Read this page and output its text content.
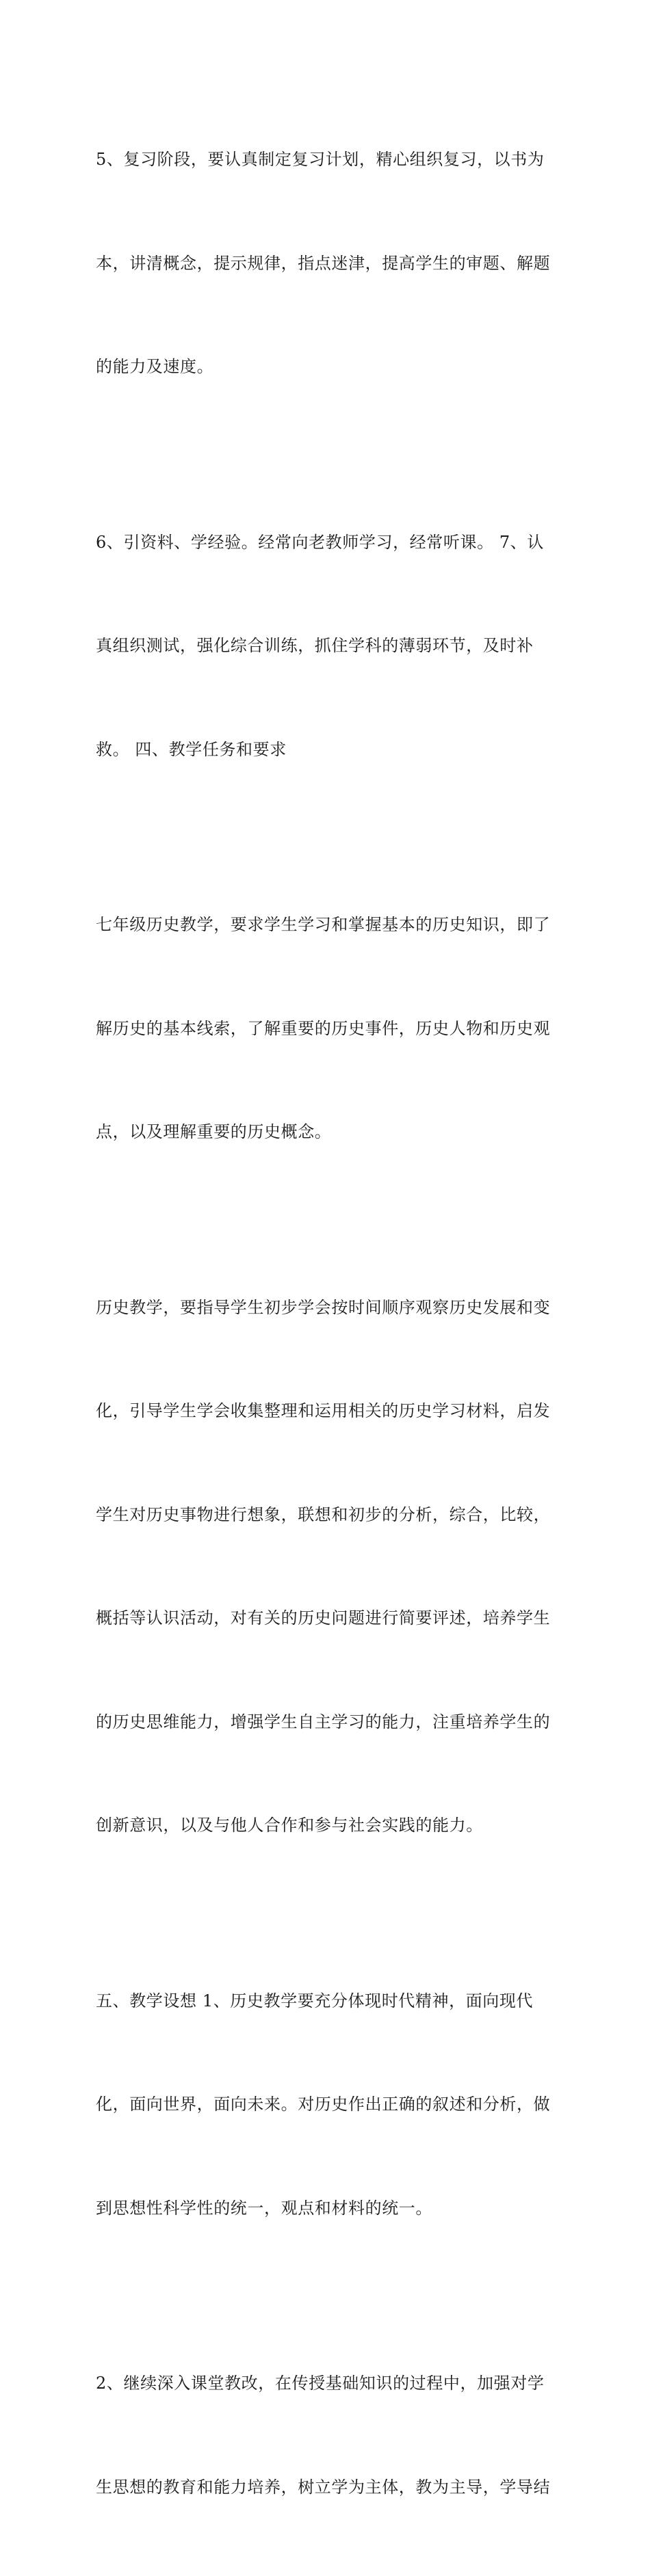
5、复习阶段，要认真制定复习计划，精心组织复习，以书为

本，讲清概念，提示规律，指点迷津，提高学生的审题、解题

的能力及速度。

6、引资料、学经验。经常向老教师学习，经常听课。 7、认

真组织测试，强化综合训练，抓住学科的薄弱环节，及时补

救。 四、教学任务和要求

七年级历史教学，要求学生学习和掌握基本的历史知识，即了

解历史的基本线索，了解重要的历史事件，历史人物和历史观

点，以及理解重要的历史概念。

历史教学，要指导学生初步学会按时间顺序观察历史发展和变

化，引导学生学会收集整理和运用相关的历史学习材料，启发

学生对历史事物进行想象，联想和初步的分析，综合，比较，

概括等认识活动，对有关的历史问题进行简要评述，培养学生

的历史思维能力，增强学生自主学习的能力，注重培养学生的

创新意识，以及与他人合作和参与社会实践的能力。

五、教学设想 1、历史教学要充分体现时代精神，面向现代

化，面向世界，面向未来。对历史作出正确的叙述和分析，做

到思想性科学性的统一，观点和材料的统一。

2、继续深入课堂教改，在传授基础知识的过程中，加强对学

生思想的教育和能力培养，树立学为主体，教为主导，学导结
